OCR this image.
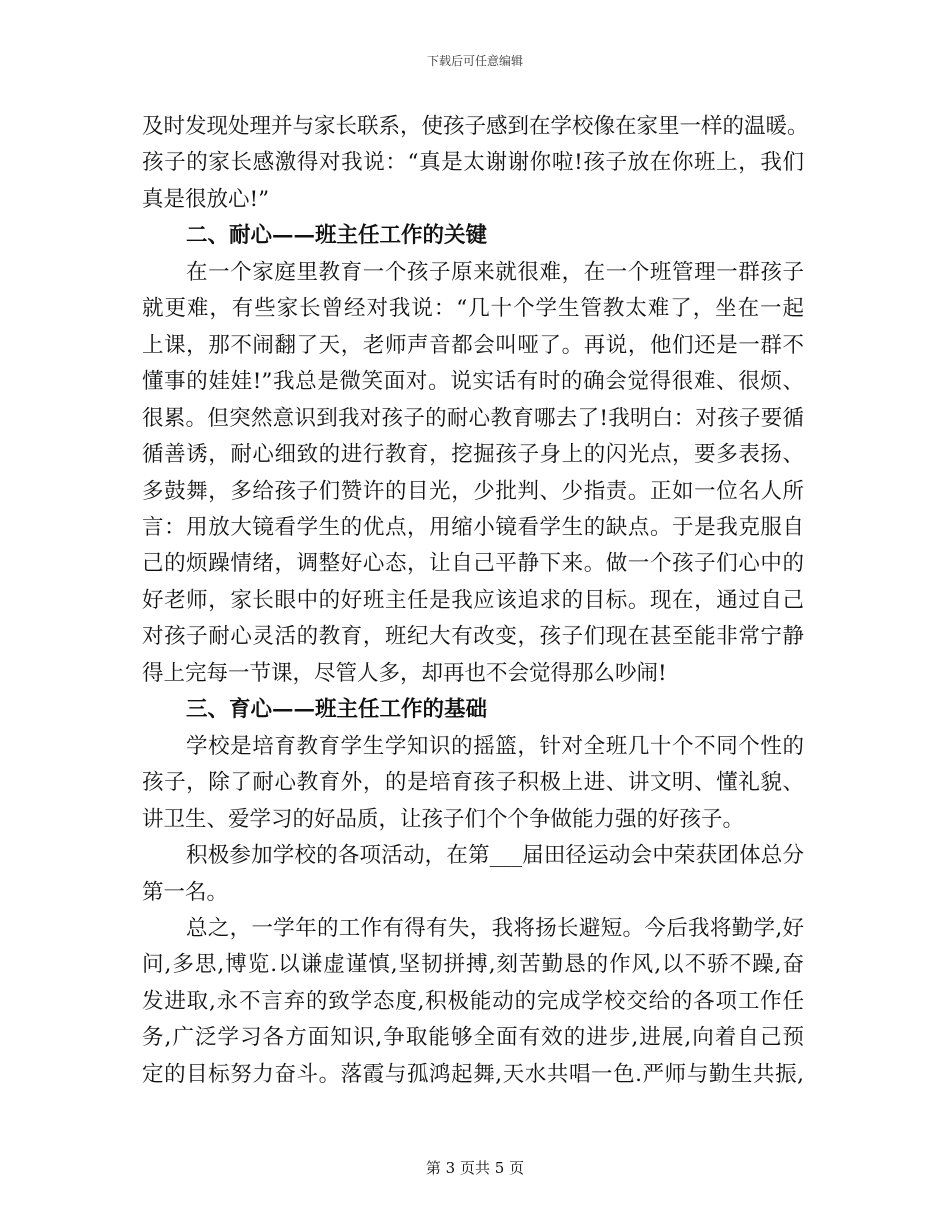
下载后可任意编辑
及时发现处理并与家长联系，使孩子感到在学校像在家里一样的温暖。
孩子的家长感激得对我说：“真是太谢谢你啦!孩子放在你班上，我们
真是很放心!”
二、耐心——班主任工作的关键
在一个家庭里教育一个孩子原来就很难，在一个班管理一群孩子
就更难，有些家长曾经对我说：“几十个学生管教太难了，坐在一起
上课，那不闹翻了天，老师声音都会叫哑了。再说，他们还是一群不
懂事的娃娃!”我总是微笑面对。说实话有时的确会觉得很难、很烦、
很累。但突然意识到我对孩子的耐心教育哪去了!我明白：对孩子要循
循善诱，耐心细致的进行教育，挖掘孩子身上的闪光点，要多表扬、
多鼓舞，多给孩子们赞许的目光，少批判、少指责。正如一位名人所
言：用放大镜看学生的优点，用缩小镜看学生的缺点。于是我克服自
己的烦躁情绪，调整好心态，让自己平静下来。做一个孩子们心中的
好老师，家长眼中的好班主任是我应该追求的目标。现在，通过自己
对孩子耐心灵活的教育，班纪大有改变，孩子们现在甚至能非常宁静
得上完每一节课，尽管人多，却再也不会觉得那么吵闹!
三、育心——班主任工作的基础
学校是培育教育学生学知识的摇篮，针对全班几十个不同个性的
孩子，除了耐心教育外，的是培育孩子积极上进、讲文明、懂礼貌、
讲卫生、爱学习的好品质，让孩子们个个争做能力强的好孩子。
积极参加学校的各项活动，在第___届田径运动会中荣获团体总分
第一名。
总之，一学年的工作有得有失，我将扬长避短。今后我将勤学,好
问,多思,博览.以谦虚谨慎,坚韧拼搏,刻苦勤恳的作风,以不骄不躁,奋
发进取,永不言弃的致学态度,积极能动的完成学校交给的各项工作任
务,广泛学习各方面知识,争取能够全面有效的进步,进展,向着自己预
定的目标努力奋斗。落霞与孤鸿起舞,天水共唱一色.严师与勤生共振,
第 3 页共 5 页
